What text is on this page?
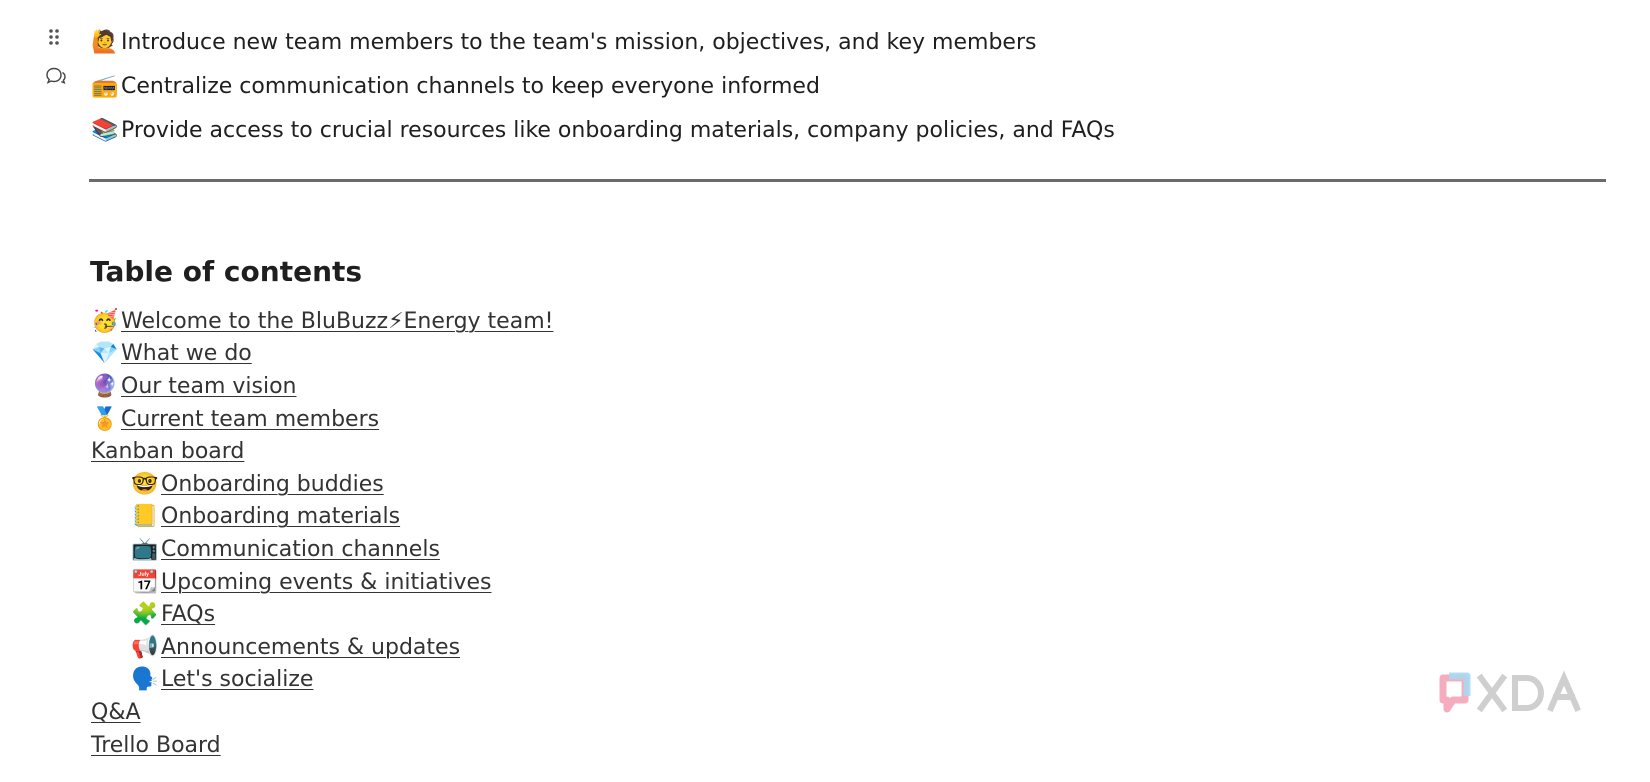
🙋 Introduce new team members to the team's mission, objectives, and key members
📻 Centralize communication channels to keep everyone informed
📚 Provide access to crucial resources like onboarding materials, company policies, and FAQs
Table of contents
🥳 Welcome to the BluBuzz⚡Energy team!
💎 What we do
🔮 Our team vision
🏅 Current team members
Kanban board
🤓 Onboarding buddies
📒 Onboarding materials
📺 Communication channels
📆 Upcoming events & initiatives
🧩 FAQs
📢 Announcements & updates
🗣️ Let's socialize
Q&A
Trello Board
XDA
